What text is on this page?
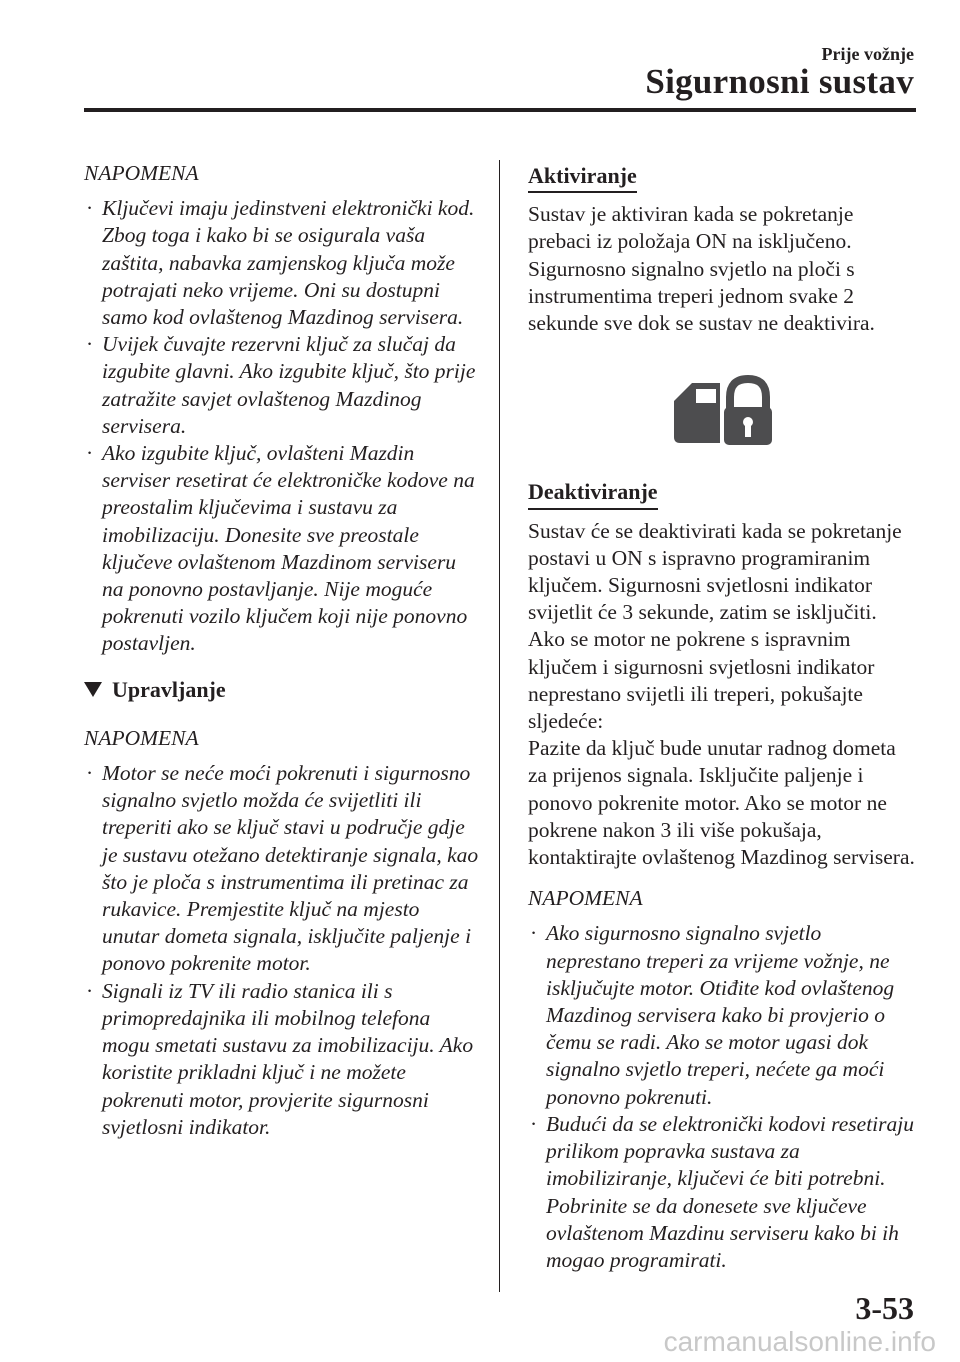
Prije vožnje
Sigurnosni sustav

NAPOMENA

· Ključevi imaju jedinstveni elektronički kod. Zbog toga i kako bi se osigurala vaša zaštita, nabavka zamjenskog ključa može potrajati neko vrijeme. Oni su dostupni samo kod ovlaštenog Mazdinog servisera.
· Uvijek čuvajte rezervni ključ za slučaj da izgubite glavni. Ako izgubite ključ, što prije zatražite savjet ovlaštenog Mazdinog servisera.
· Ako izgubite ključ, ovlašteni Mazdin serviser resetirat će elektroničke kodove na preostalim ključevima i sustavu za imobilizaciju. Donesite sve preostale ključeve ovlaštenom Mazdinom serviseru na ponovno postavljanje. Nije moguće pokrenuti vozilo ključem koji nije ponovno postavljen.
Upravljanje

NAPOMENA

· Motor se neće moći pokrenuti i sigurnosno signalno svjetlo možda će svijetliti ili treperiti ako se ključ stavi u područje gdje je sustavu otežano detektiranje signala, kao što je ploča s instrumentima ili pretinac za rukavice. Premjestite ključ na mjesto unutar dometa signala, isključite paljenje i ponovo pokrenite motor.
· Signali iz TV ili radio stanica ili s primopredajnika ili mobilnog telefona mogu smetati sustavu za imobilizaciju. Ako koristite prikladni ključ i ne možete pokrenuti motor, provjerite sigurnosni svjetlosni indikator.
Aktiviranje

Sustav je aktiviran kada se pokretanje prebaci iz položaja ON na isključeno. Sigurnosno signalno svjetlo na ploči s instrumentima treperi jednom svake 2 sekunde sve dok se sustav ne deaktivira.

Deaktiviranje

Sustav će se deaktivirati kada se pokretanje postavi u ON s ispravno programiranim ključem. Sigurnosni svjetlosni indikator svijetlit će 3 sekunde, zatim se isključiti. Ako se motor ne pokrene s ispravnim ključem i sigurnosni svjetlosni indikator neprestano svijetli ili treperi, pokušajte sljedeće:

Pazite da ključ bude unutar radnog dometa za prijenos signala. Isključite paljenje i ponovo pokrenite motor. Ako se motor ne pokrene nakon 3 ili više pokušaja, kontaktirajte ovlaštenog Mazdinog servisera.

NAPOMENA

· Ako sigurnosno signalno svjetlo neprestano treperi za vrijeme vožnje, ne isključujte motor. Otiđite kod ovlaštenog Mazdinog servisera kako bi provjerio o čemu se radi. Ako se motor ugasi dok signalno svjetlo treperi, nećete ga moći ponovno pokrenuti.
· Budući da se elektronički kodovi resetiraju prilikom popravka sustava za imobiliziranje, ključevi će biti potrebni. Pobrinite se da donesete sve ključeve ovlaštenom Mazdinu serviseru kako bi ih mogao programirati.
3-53
carmanualsonline.info
